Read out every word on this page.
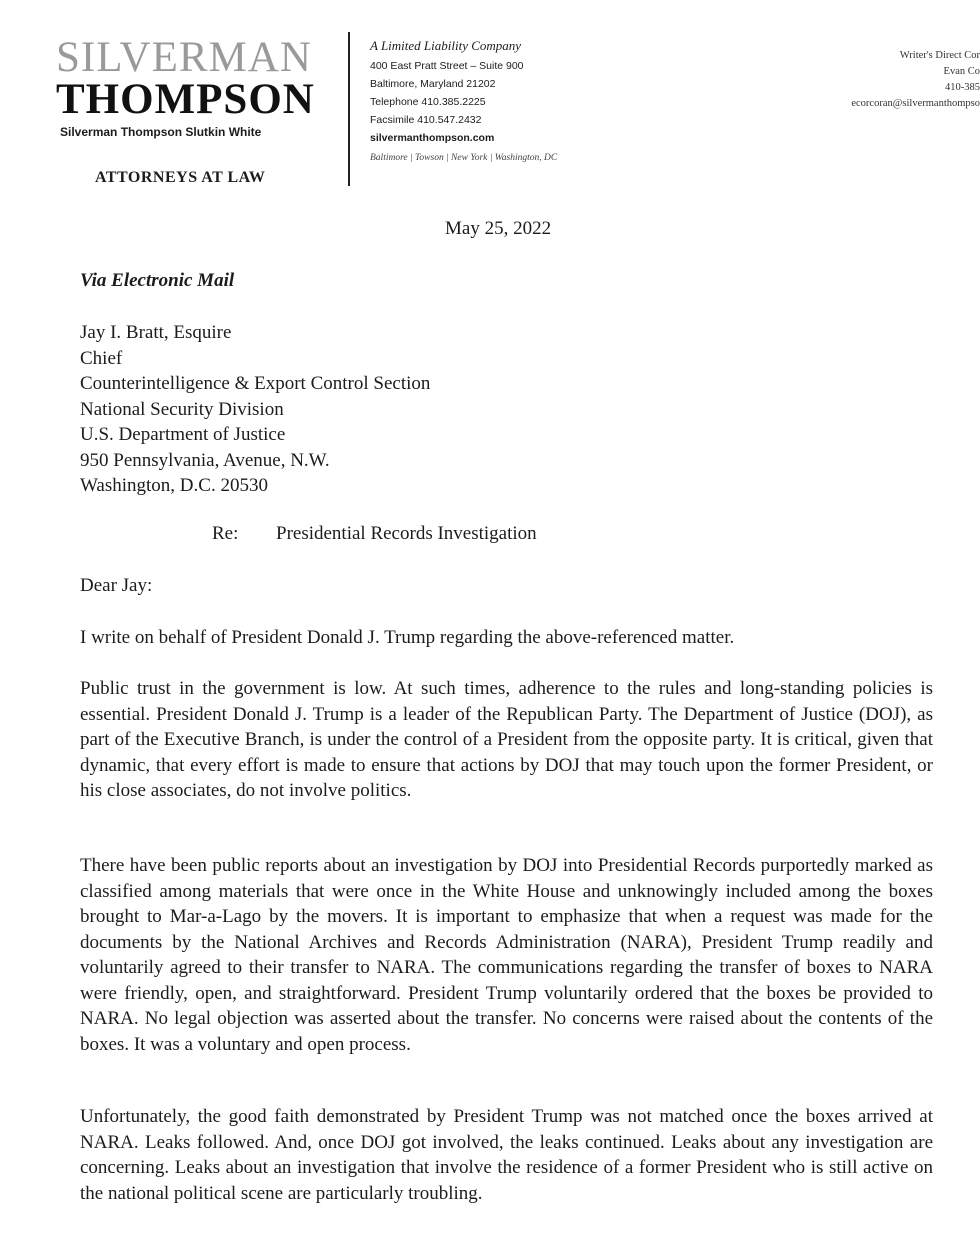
SILVERMAN
THOMPSON
Silverman Thompson Slutkin White
ATTORNEYS AT LAW
A Limited Liability Company
400 East Pratt Street – Suite 900
Baltimore, Maryland 21202
Telephone 410.385.2225
Facsimile 410.547.2432
silvermanthompson.com
Baltimore | Towson | New York | Washington, DC
Writer's Direct Cor
Evan Co
410-385
ecorcoran@silvermanthompso
May 25, 2022
Via Electronic Mail
Jay I. Bratt, Esquire
Chief
Counterintelligence & Export Control Section
National Security Division
U.S. Department of Justice
950 Pennsylvania, Avenue, N.W.
Washington, D.C. 20530
Re: Presidential Records Investigation
Dear Jay:

I write on behalf of President Donald J. Trump regarding the above-referenced matter.

Public trust in the government is low. At such times, adherence to the rules and long-standing policies is essential. President Donald J. Trump is a leader of the Republican Party. The Department of Justice (DOJ), as part of the Executive Branch, is under the control of a President from the opposite party. It is critical, given that dynamic, that every effort is made to ensure that actions by DOJ that may touch upon the former President, or his close associates, do not involve politics.

There have been public reports about an investigation by DOJ into Presidential Records purportedly marked as classified among materials that were once in the White House and unknowingly included among the boxes brought to Mar-a-Lago by the movers. It is important to emphasize that when a request was made for the documents by the National Archives and Records Administration (NARA), President Trump readily and voluntarily agreed to their transfer to NARA. The communications regarding the transfer of boxes to NARA were friendly, open, and straightforward. President Trump voluntarily ordered that the boxes be provided to NARA. No legal objection was asserted about the transfer. No concerns were raised about the contents of the boxes. It was a voluntary and open process.

Unfortunately, the good faith demonstrated by President Trump was not matched once the boxes arrived at NARA. Leaks followed. And, once DOJ got involved, the leaks continued. Leaks about any investigation are concerning. Leaks about an investigation that involve the residence of a former President who is still active on the national political scene are particularly troubling.
